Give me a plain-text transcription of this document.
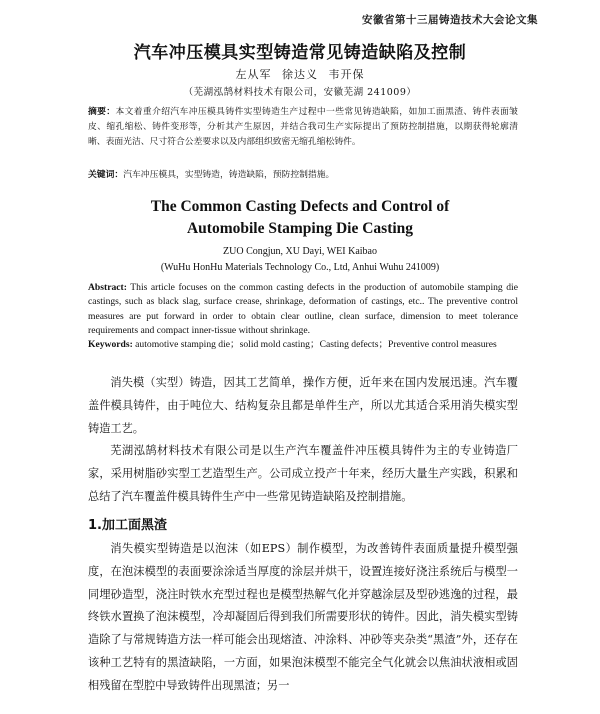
安徽省第十三届铸造技术大会论文集
汽车冲压模具实型铸造常见铸造缺陷及控制
左从军 徐达义 韦开保
（芜湖泓鹄材料技术有限公司，安徽芜湖 241009）
摘要：本文着重介绍汽车冲压模具铸件实型铸造生产过程中一些常见铸造缺陷，如加工面黑渣、铸件表面皱皮、缩孔缩松、铸件变形等，分析其产生原因，并结合我司生产实际提出了预防控制措施，以期获得轮廓清晰、表面光洁、尺寸符合公差要求以及内部组织致密无缩孔缩松铸件。
关键词：汽车冲压模具，实型铸造，铸造缺陷，预防控制措施。
The Common Casting Defects and Control of
Automobile Stamping Die Casting
ZUO Congjun, XU Dayi, WEI Kaibao
(WuHu HonHu Materials Technology Co., Ltd, Anhui Wuhu 241009)
Abstract: This article focuses on the common casting defects in the production of automobile stamping die castings, such as black slag, surface crease, shrinkage, deformation of castings, etc.. The preventive control measures are put forward in order to obtain clear outline, clean surface, dimension to meet tolerance requirements and compact inner-tissue without shrinkage.
Keywords: automotive stamping die；solid mold casting；Casting defects；Preventive control measures
消失模（实型）铸造，因其工艺简单，操作方便，近年来在国内发展迅速。汽车覆盖件模具铸件，由于吨位大、结构复杂且都是单件生产，所以尤其适合采用消失模实型铸造工艺。
芜湖泓鹄材料技术有限公司是以生产汽车覆盖件冲压模具铸件为主的专业铸造厂家，采用树脂砂实型工艺造型生产。公司成立投产十年来，经历大量生产实践，积累和总结了汽车覆盖件模具铸件生产中一些常见铸造缺陷及控制措施。
1.加工面黑渣
消失模实型铸造是以泡沫（如EPS）制作模型，为改善铸件表面质量提升模型强度，在泡沫模型的表面要涂涂适当厚度的涂层并烘干，设置连接好浇注系统后与模型一同埋砂造型，浇注时铁水充型过程也是模型热解气化并穿越涂层及型砂逃逸的过程，最终铁水置换了泡沫模型，冷却凝固后得到我们所需要形状的铸件。因此，消失模实型铸造除了与常规铸造方法一样可能会出现熔渣、冲涂料、冲砂等夹杂类“黑渣”外，还存在该种工艺特有的黑渣缺陷，一方面，如果泡沫模型不能完全气化就会以焦油状液相或固相残留在型腔中导致铸件出现黑渣；另一
